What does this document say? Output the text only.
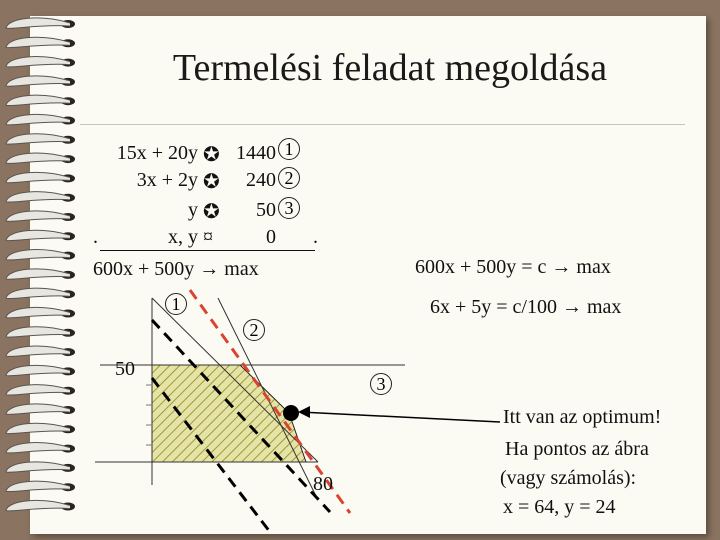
Termelési feladat megoldása
15x + 20y ✪ 1440 1
3x + 2y ✪	240 2
y ✪	50 3
.	x, y ¤	0 .
600x + 500y → max	600x + 500y = c → max
6x + 5y = c/100 → max
1
2
3
50
80
Itt van az optimum!
Ha pontos az ábra
(vagy számolás):
x = 64, y = 24
